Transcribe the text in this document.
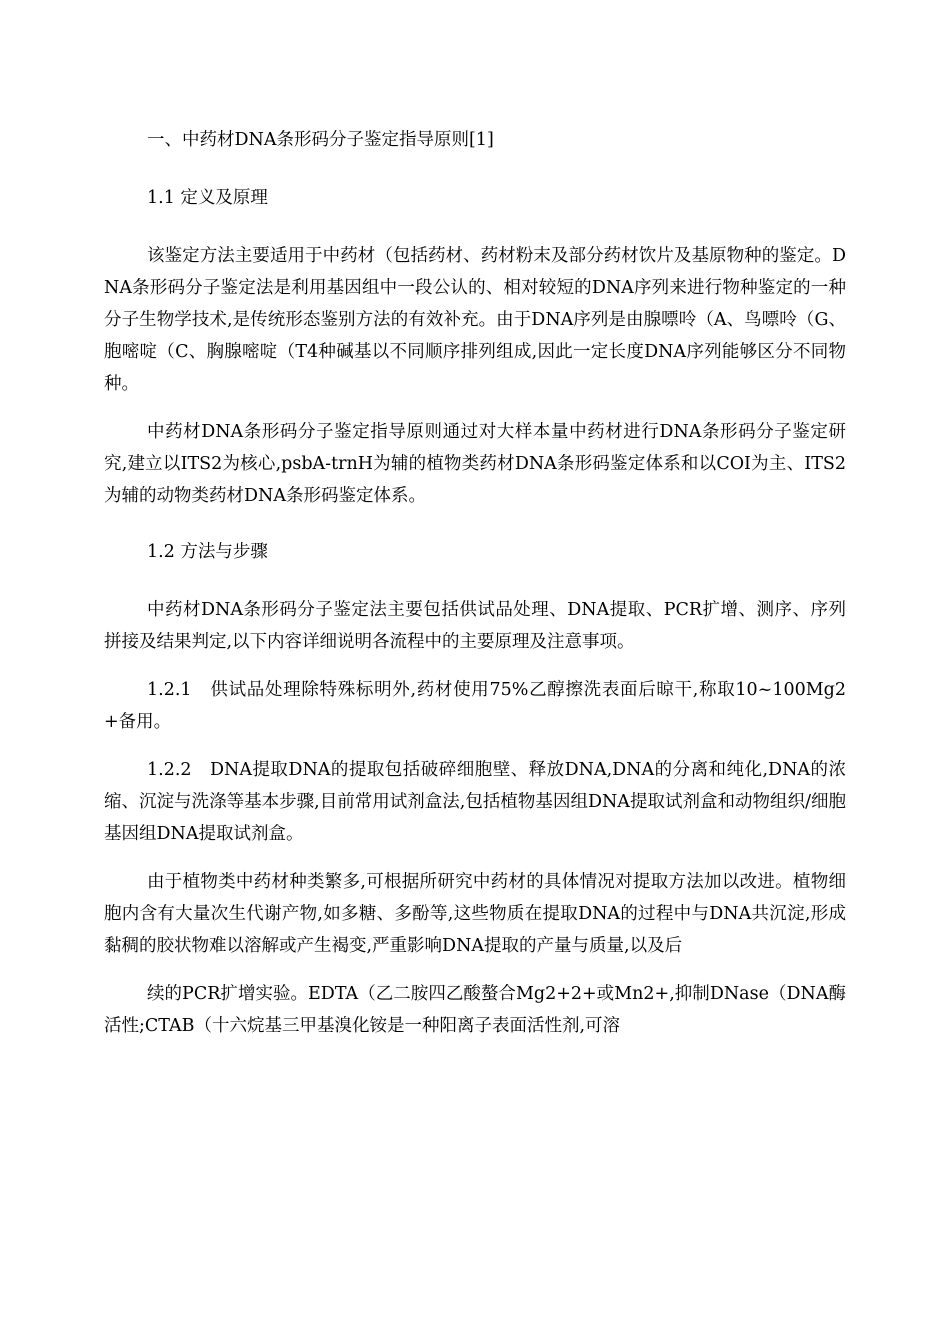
一、中药材DNA条形码分子鉴定指导原则[1]

1.1 定义及原理

该鉴定方法主要适用于中药材（包括药材、药材粉末及部分药材饮片及基原物种的鉴定。DNA条形码分子鉴定法是利用基因组中一段公认的、相对较短的DNA序列来进行物种鉴定的一种分子生物学技术,是传统形态鉴别方法的有效补充。由于DNA序列是由腺嘌呤（A、鸟嘌呤（G、胞嘧啶（C、胸腺嘧啶（T4种碱基以不同顺序排列组成,因此一定长度DNA序列能够区分不同物种。

中药材DNA条形码分子鉴定指导原则通过对大样本量中药材进行DNA条形码分子鉴定研究,建立以ITS2为核心,psbA-trnH为辅的植物类药材DNA条形码鉴定体系和以COI为主、ITS2为辅的动物类药材DNA条形码鉴定体系。

1.2 方法与步骤

中药材DNA条形码分子鉴定法主要包括供试品处理、DNA提取、PCR扩增、测序、序列拼接及结果判定,以下内容详细说明各流程中的主要原理及注意事项。

1.2.1　供试品处理除特殊标明外,药材使用75%乙醇擦洗表面后晾干,称取10~100Mg2+备用。

1.2.2　DNA提取DNA的提取包括破碎细胞壁、释放DNA,DNA的分离和纯化,DNA的浓缩、沉淀与洗涤等基本步骤,目前常用试剂盒法,包括植物基因组DNA提取试剂盒和动物组织/细胞基因组DNA提取试剂盒。

由于植物类中药材种类繁多,可根据所研究中药材的具体情况对提取方法加以改进。植物细胞内含有大量次生代谢产物,如多糖、多酚等,这些物质在提取DNA的过程中与DNA共沉淀,形成黏稠的胶状物难以溶解或产生褐变,严重影响DNA提取的产量与质量,以及后

续的PCR扩增实验。EDTA（乙二胺四乙酸螯合Mg2+2+或Mn2+,抑制DNase（DNA酶活性;CTAB（十六烷基三甲基溴化铵是一种阳离子表面活性剂,可溶
